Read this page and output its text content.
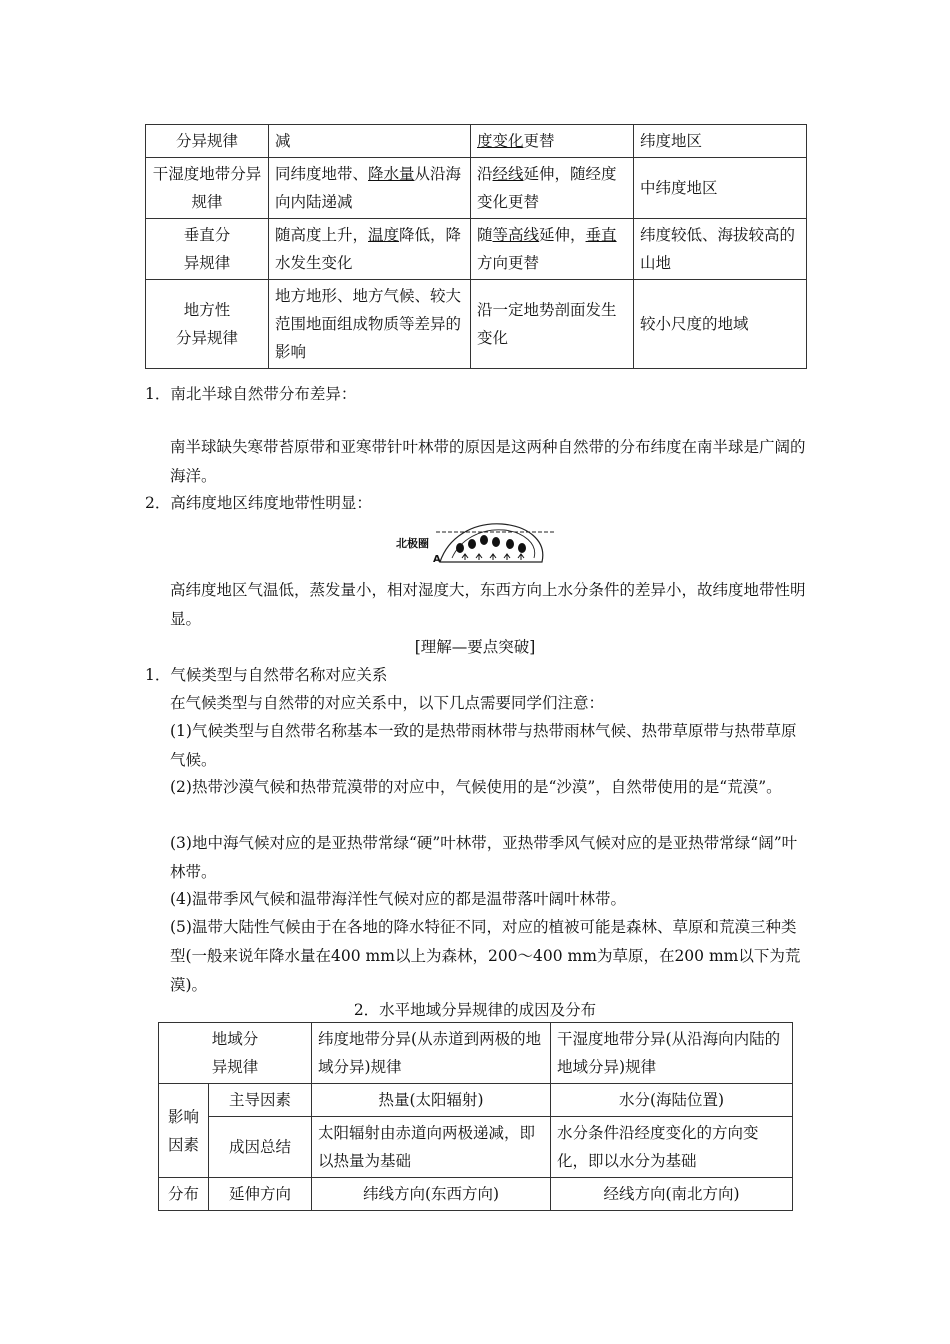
分异规律	减	度变化更替	纬度地区
干湿度地带分异规律	同纬度地带、降水量从沿海向内陆递减	沿经线延伸，随经度变化更替	中纬度地区

垂直分
异规律	随高度上升，温度降低，降水发生变化	随等高线延伸，垂直方向更替	纬度较低、海拔较高的山地

地方性
分异规律	地方地形、地方气候、较大范围地面组成物质等差异的影响	沿一定地势剖面发生变化	较小尺度的地域
1．南北半球自然带分布差异：
南半球缺失寒带苔原带和亚寒带针叶林带的原因是这两种自然带的分布纬度在南半球是广阔的海洋。
2．高纬度地区纬度地带性明显：
北极圈
A
高纬度地区气温低，蒸发量小，相对湿度大，东西方向上水分条件的差异小，故纬度地带性明显。
[理解—要点突破]
1．气候类型与自然带名称对应关系
在气候类型与自然带的对应关系中，以下几点需要同学们注意：
(1)气候类型与自然带名称基本一致的是热带雨林带与热带雨林气候、热带草原带与热带草原气候。
(2)热带沙漠气候和热带荒漠带的对应中，气候使用的是“沙漠”，自然带使用的是“荒漠”。
(3)地中海气候对应的是亚热带常绿“硬”叶林带，亚热带季风气候对应的是亚热带常绿“阔”叶林带。
(4)温带季风气候和温带海洋性气候对应的都是温带落叶阔叶林带。
(5)温带大陆性气候由于在各地的降水特征不同，对应的植被可能是森林、草原和荒漠三种类型(一般来说年降水量在400 mm以上为森林，200～400 mm为草原，在200 mm以下为荒漠)。
2．水平地域分异规律的成因及分布
地域分
异规律		纬度地带分异(从赤道到两极的地域分异)规律	干湿度地带分异(从沿海向内陆的地域分异)规律
影响因素	主导因素	热量(太阳辐射)	水分(海陆位置)
	成因总结	太阳辐射由赤道向两极递减，即以热量为基础	水分条件沿经度变化的方向变化，即以水分为基础
分布	延伸方向	纬线方向(东西方向)	经线方向(南北方向)
